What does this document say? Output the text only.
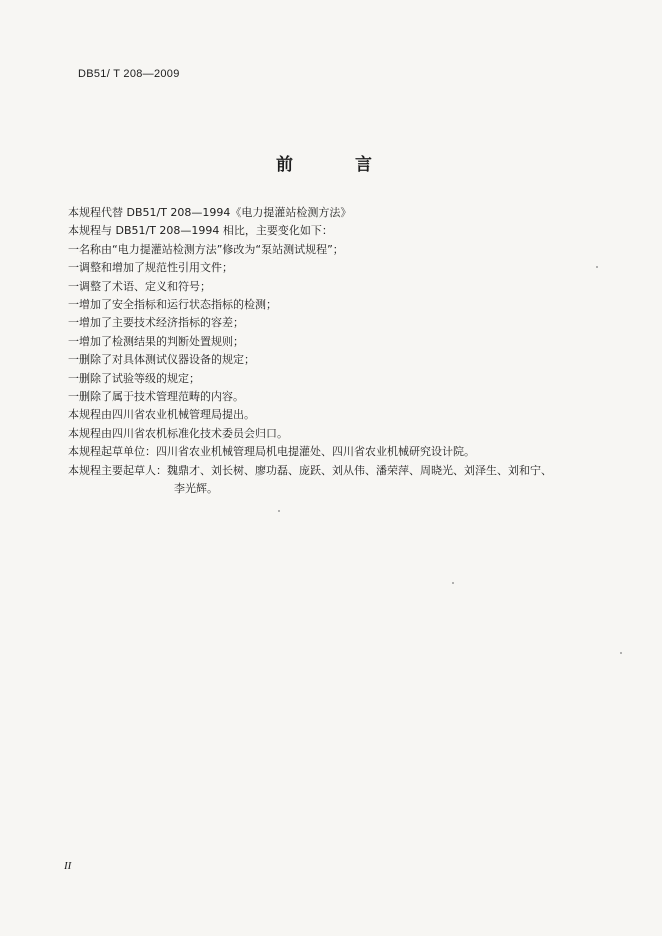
DB51/ T 208—2009
前 言
本规程代替 DB51/T 208—1994《电力提灌站检测方法》
本规程与 DB51/T 208—1994 相比，主要变化如下：
一名称由“电力提灌站检测方法”修改为“泵站测试规程”；
一调整和增加了规范性引用文件；
一调整了术语、定义和符号；
一增加了安全指标和运行状态指标的检测；
一增加了主要技术经济指标的容差；
一增加了检测结果的判断处置规则；
一删除了对具体测试仪器设备的规定；
一删除了试验等级的规定；
一删除了属于技术管理范畴的内容。
本规程由四川省农业机械管理局提出。
本规程由四川省农机标准化技术委员会归口。
本规程起草单位：四川省农业机械管理局机电提灌处、四川省农业机械研究设计院。
本规程主要起草人：魏鼎才、刘长树、廖功磊、庞跃、刘从伟、潘荣萍、周晓光、刘泽生、刘和宁、
李光辉。
II
